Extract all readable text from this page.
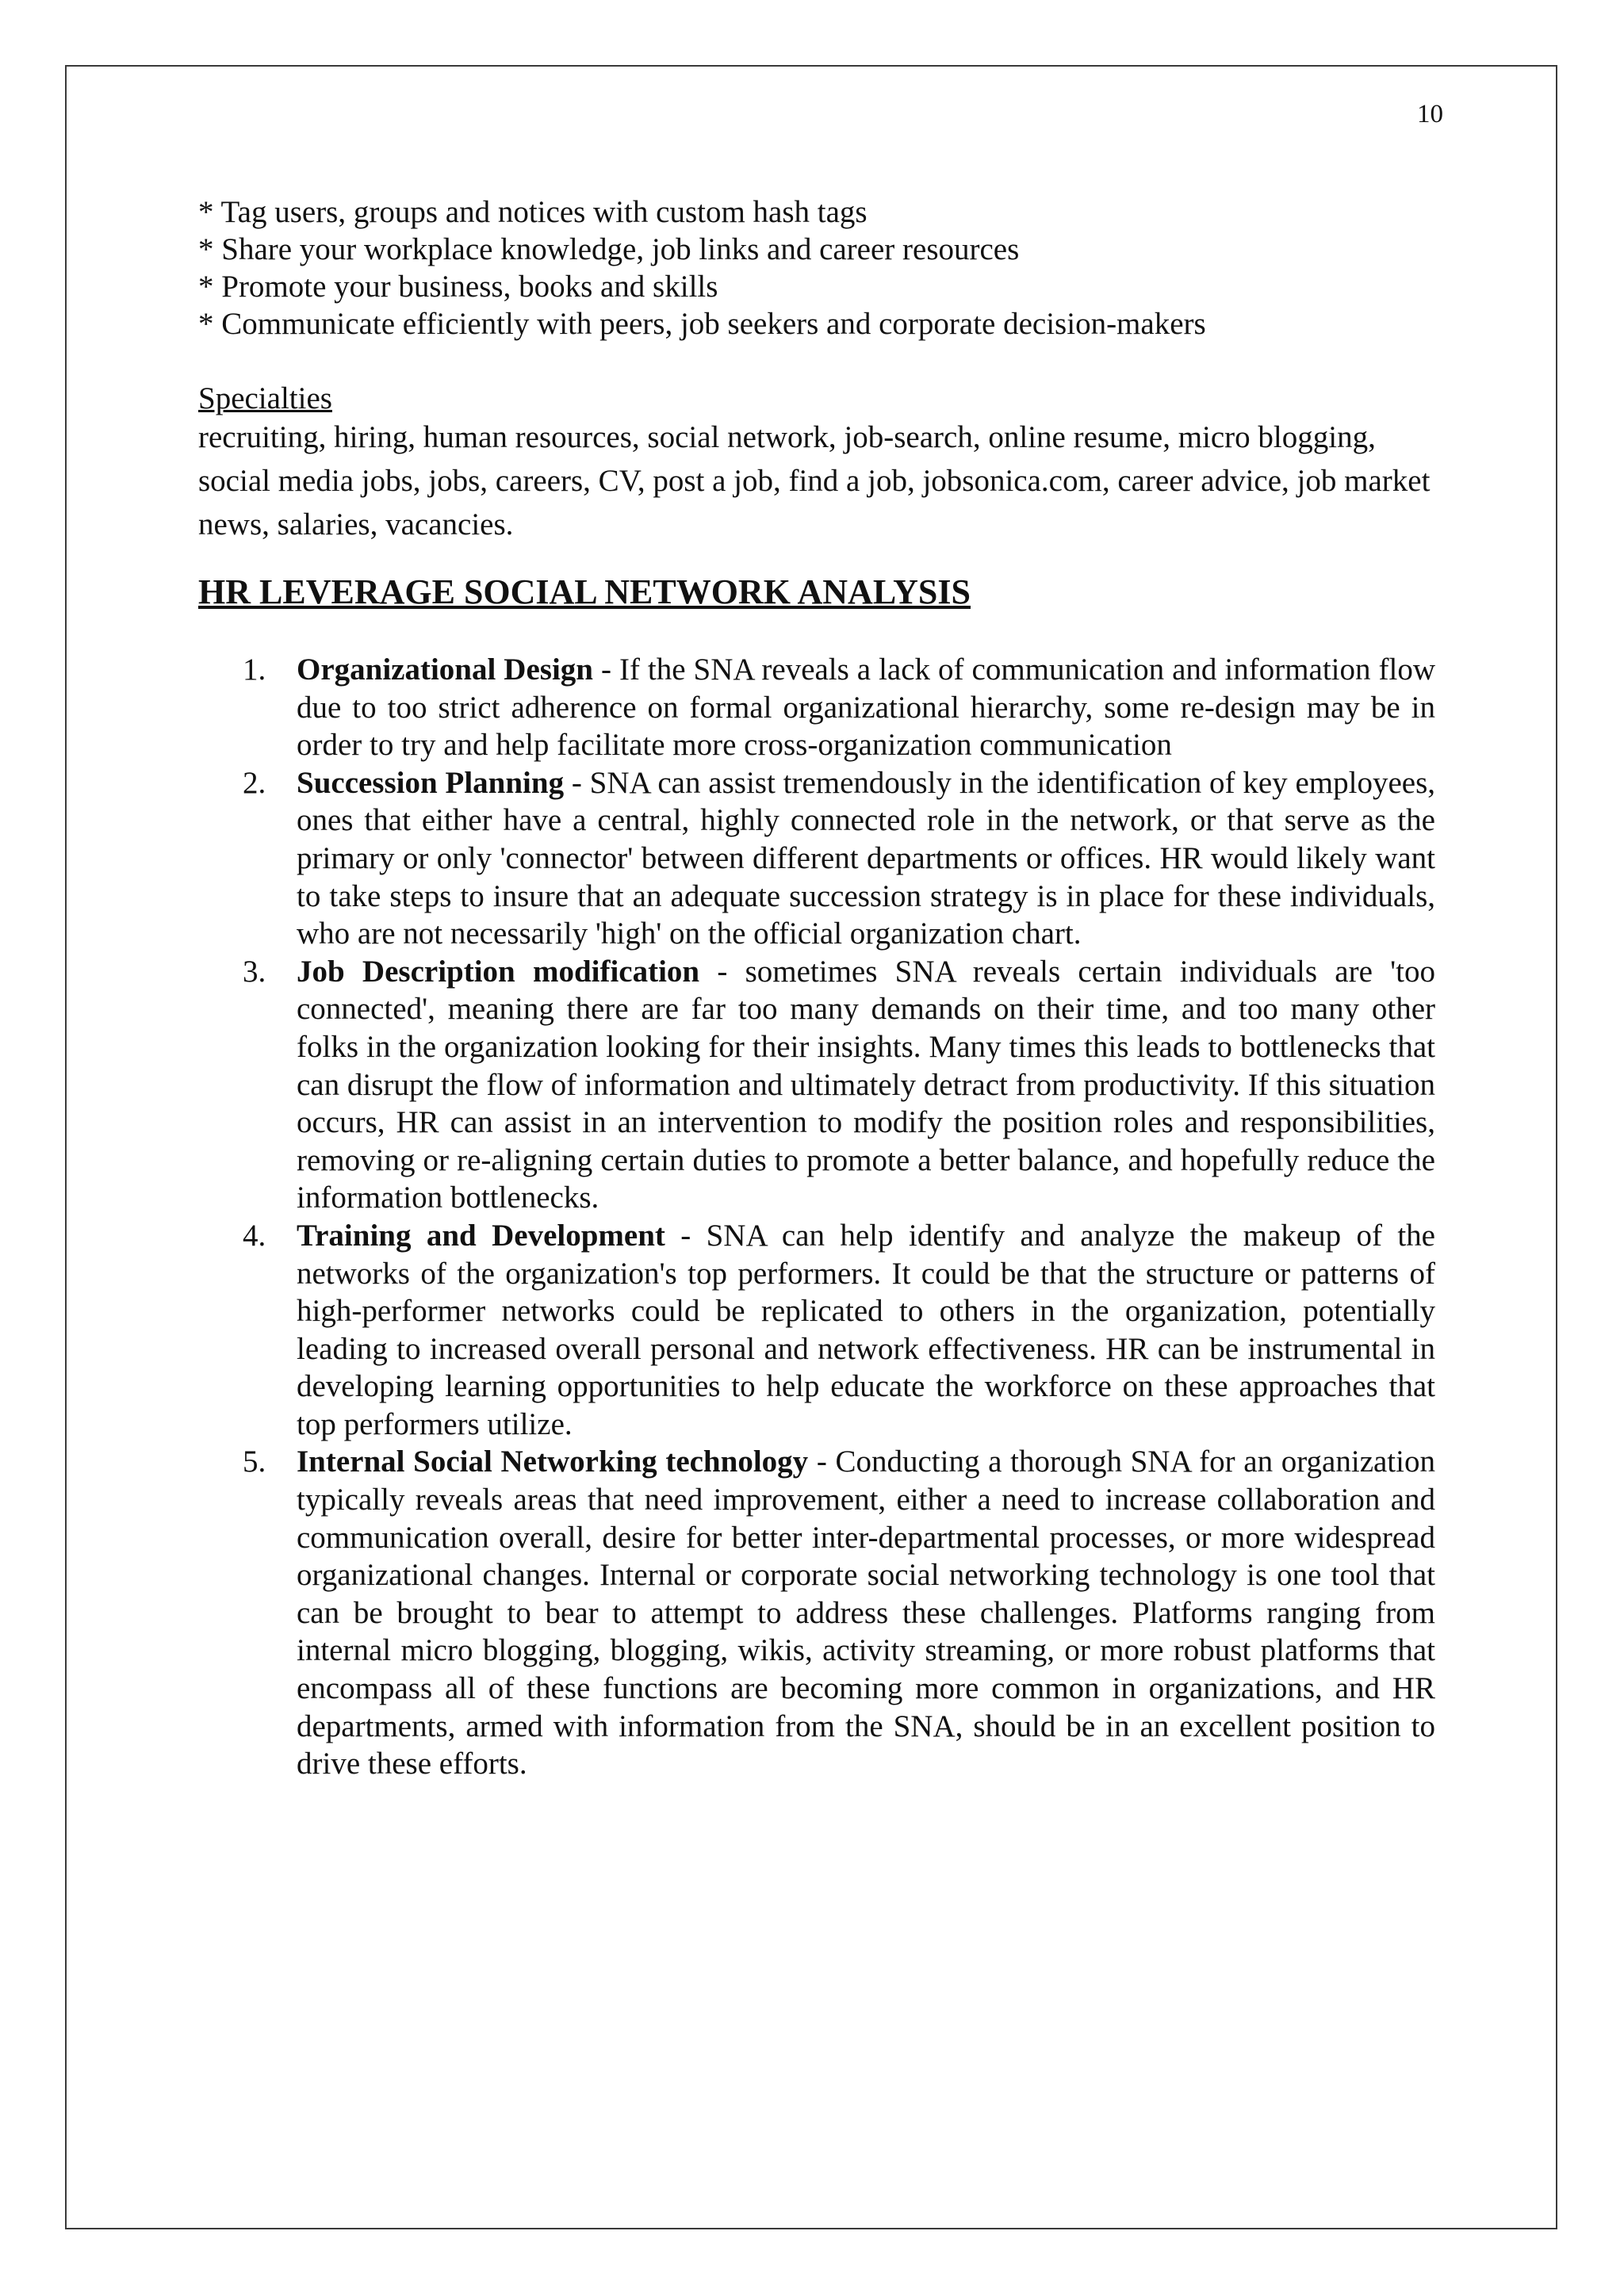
10
* Tag users, groups and notices with custom hash tags
* Share your workplace knowledge, job links and career resources
* Promote your business, books and skills
* Communicate efficiently with peers, job seekers and corporate decision-makers
Specialties
recruiting, hiring, human resources, social network, job-search, online resume, micro blogging, social media jobs, jobs, careers, CV, post a job, find a job, jobsonica.com, career advice, job market news, salaries, vacancies.
HR LEVERAGE SOCIAL NETWORK ANALYSIS
1. Organizational Design - If the SNA reveals a lack of communication and information flow due to too strict adherence on formal organizational hierarchy, some re-design may be in order to try and help facilitate more cross-organization communication
2. Succession Planning - SNA can assist tremendously in the identification of key employees, ones that either have a central, highly connected role in the network, or that serve as the primary or only 'connector' between different departments or offices. HR would likely want to take steps to insure that an adequate succession strategy is in place for these individuals, who are not necessarily 'high' on the official organization chart.
3. Job Description modification - sometimes SNA reveals certain individuals are 'too connected', meaning there are far too many demands on their time, and too many other folks in the organization looking for their insights. Many times this leads to bottlenecks that can disrupt the flow of information and ultimately detract from productivity. If this situation occurs, HR can assist in an intervention to modify the position roles and responsibilities, removing or re-aligning certain duties to promote a better balance, and hopefully reduce the information bottlenecks.
4. Training and Development - SNA can help identify and analyze the makeup of the networks of the organization's top performers. It could be that the structure or patterns of high-performer networks could be replicated to others in the organization, potentially leading to increased overall personal and network effectiveness. HR can be instrumental in developing learning opportunities to help educate the workforce on these approaches that top performers utilize.
5. Internal Social Networking technology - Conducting a thorough SNA for an organization typically reveals areas that need improvement, either a need to increase collaboration and communication overall, desire for better inter-departmental processes, or more widespread organizational changes. Internal or corporate social networking technology is one tool that can be brought to bear to attempt to address these challenges. Platforms ranging from internal micro blogging, blogging, wikis, activity streaming, or more robust platforms that encompass all of these functions are becoming more common in organizations, and HR departments, armed with information from the SNA, should be in an excellent position to drive these efforts.
